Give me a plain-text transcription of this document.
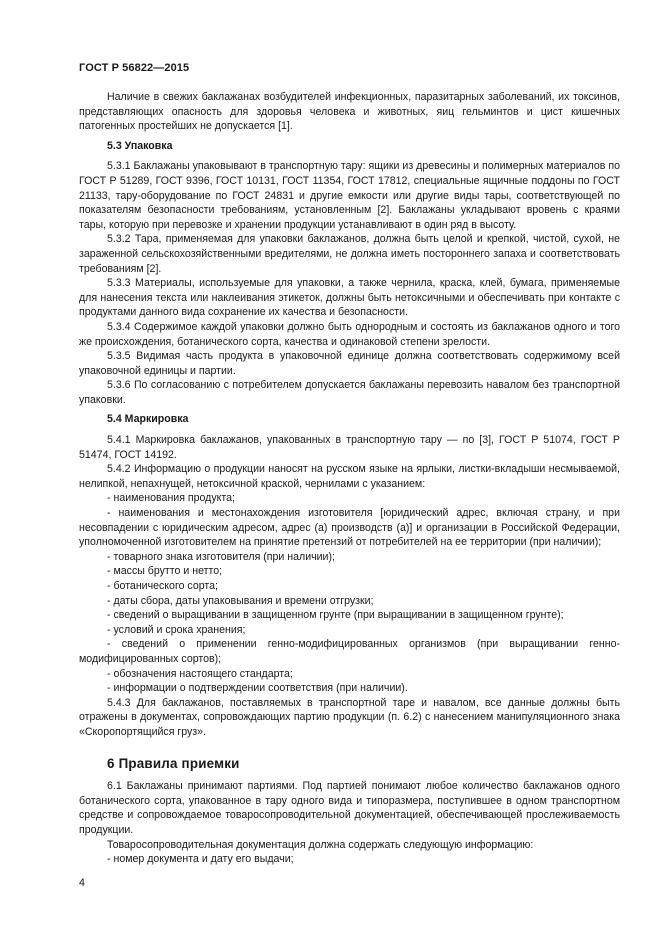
ГОСТ Р 56822—2015

Наличие в свежих баклажанах возбудителей инфекционных, паразитарных заболеваний, их токсинов, представляющих опасность для здоровья человека и животных, яиц гельминтов и цист кишечных патогенных простейших не допускается [1].

5.3 Упаковка

5.3.1 Баклажаны упаковывают в транспортную тару: ящики из древесины и полимерных материалов по ГОСТ Р 51289, ГОСТ 9396, ГОСТ 10131, ГОСТ 11354, ГОСТ 17812, специальные ящичные поддоны по ГОСТ 21133, тару-оборудование по ГОСТ 24831 и другие емкости или другие виды тары, соответствующей по показателям безопасности требованиям, установленным [2]. Баклажаны укладывают вровень с краями тары, которую при перевозке и хранении продукции устанавливают в один ряд в высоту.

5.3.2 Тара, применяемая для упаковки баклажанов, должна быть целой и крепкой, чистой, сухой, не зараженной сельскохозяйственными вредителями, не должна иметь постороннего запаха и соответствовать требованиям [2].

5.3.3 Материалы, используемые для упаковки, а также чернила, краска, клей, бумага, применяемые для нанесения текста или наклеивания этикеток, должны быть нетоксичными и обеспечивать при контакте с продуктами данного вида сохранение их качества и безопасности.

5.3.4 Содержимое каждой упаковки должно быть однородным и состоять из баклажанов одного и того же происхождения, ботанического сорта, качества и одинаковой степени зрелости.

5.3.5 Видимая часть продукта в упаковочной единице должна соответствовать содержимому всей упаковочной единицы и партии.

5.3.6 По согласованию с потребителем допускается баклажаны перевозить навалом без транспортной упаковки.

5.4 Маркировка

5.4.1 Маркировка баклажанов, упакованных в транспортную тару — по [3], ГОСТ Р 51074, ГОСТ Р 51474, ГОСТ 14192.

5.4.2 Информацию о продукции наносят на русском языке на ярлыки, листки-вкладыши несмываемой, нелипкой, непахнущей, нетоксичной краской, чернилами с указанием:

- наименования продукта;

- наименования и местонахождения изготовителя [юридический адрес, включая страну, и при несовпадении с юридическим адресом, адрес (а) производств (а)] и организации в Российской Федерации, уполномоченной изготовителем на принятие претензий от потребителей на ее территории (при наличии);

- товарного знака изготовителя (при наличии);

- массы брутто и нетто;

- ботанического сорта;

- даты сбора, даты упаковывания и времени отгрузки;

- сведений о выращивании в защищенном грунте (при выращивании в защищенном грунте);

- условий и срока хранения;

- сведений о применении генно-модифицированных организмов (при выращивании генно-модифицированных сортов);

- обозначения настоящего стандарта;

- информации о подтверждении соответствия (при наличии).

5.4.3 Для баклажанов, поставляемых в транспортной таре и навалом, все данные должны быть отражены в документах, сопровождающих партию продукции (п. 6.2) с нанесением манипуляционного знака «Скоропортящийся груз».

6 Правила приемки

6.1 Баклажаны принимают партиями. Под партией понимают любое количество баклажанов одного ботанического сорта, упакованное в тару одного вида и типоразмера, поступившее в одном транспортном средстве и сопровождаемое товаросопроводительной документацией, обеспечивающей прослеживаемость продукции.

Товаросопроводительная документация должна содержать следующую информацию:

- номер документа и дату его выдачи;

4
